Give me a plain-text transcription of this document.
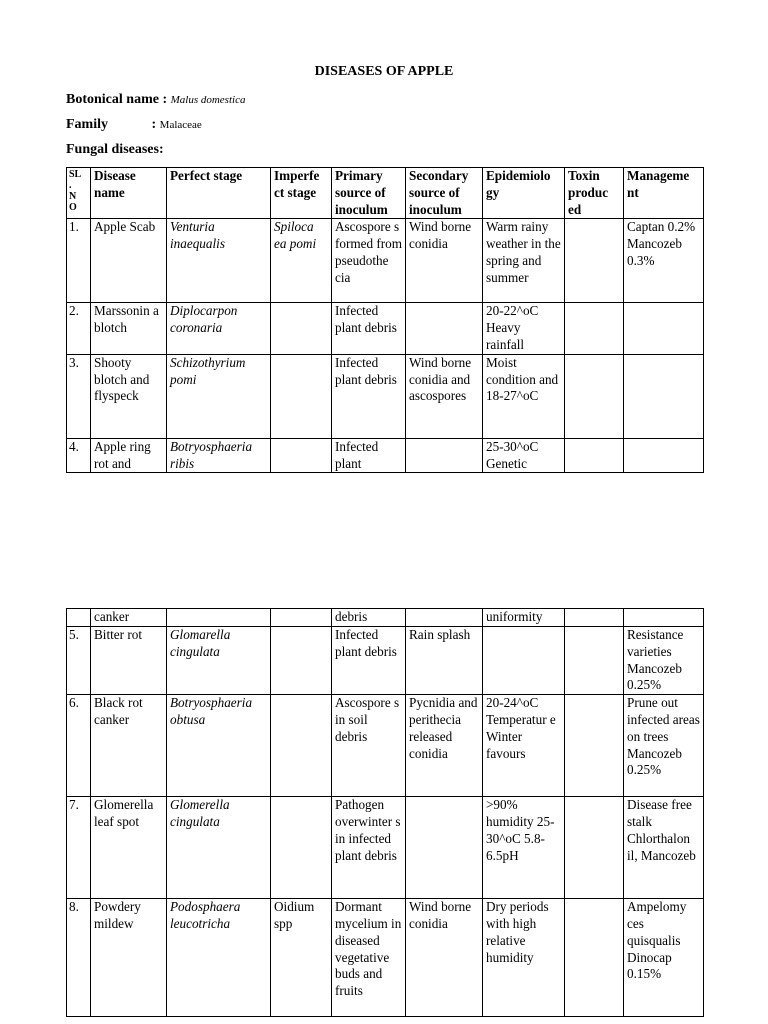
DISEASES OF APPLE
Botonical name : Malus domestica
Family	: Malaceae
Fungal diseases:
SL
.
N
O	Disease name	Perfect stage	Imperfe ct stage	Primary source of inoculum	Secondary source of inoculum	Epidemiolo gy	Toxin produc ed	Manageme nt
1.	Apple Scab	Venturia inaequalis	Spiloca ea pomi	Ascospore s formed from pseudothe cia	Wind borne conidia	Warm rainy weather in the spring and summer		Captan 0.2% Mancozeb 0.3%
2.	Marssonin a blotch	Diplocarpon coronaria		Infected plant debris		20-22^oC Heavy rainfall		
3.	Shooty blotch and flyspeck	Schizothyrium pomi		Infected plant debris	Wind borne conidia and ascospores	Moist condition and 18-27^oC		
4.	Apple ring rot and	Botryosphaeria ribis		Infected plant		25-30^oC Genetic		
	canker			debris		uniformity		
5.	Bitter rot	Glomarella cingulata		Infected plant debris	Rain splash			Resistance varieties Mancozeb 0.25%
6.	Black rot canker	Botryosphaeria obtusa		Ascospore s in soil debris	Pycnidia and perithecia released conidia	20-24^oC Temperatur e Winter favours		Prune out infected areas on trees Mancozeb 0.25%
7.	Glomerella leaf spot	Glomerella cingulata		Pathogen overwinter s in infected plant debris		>90% humidity 25-30^oC 5.8-6.5pH		Disease free stalk Chlorthalon il, Mancozeb
8.	Powdery mildew	Podosphaera leucotricha	Oidium spp	Dormant mycelium in diseased vegetative buds and fruits	Wind borne conidia	Dry periods with high relative humidity		Ampelomy ces quisqualis Dinocap 0.15%
